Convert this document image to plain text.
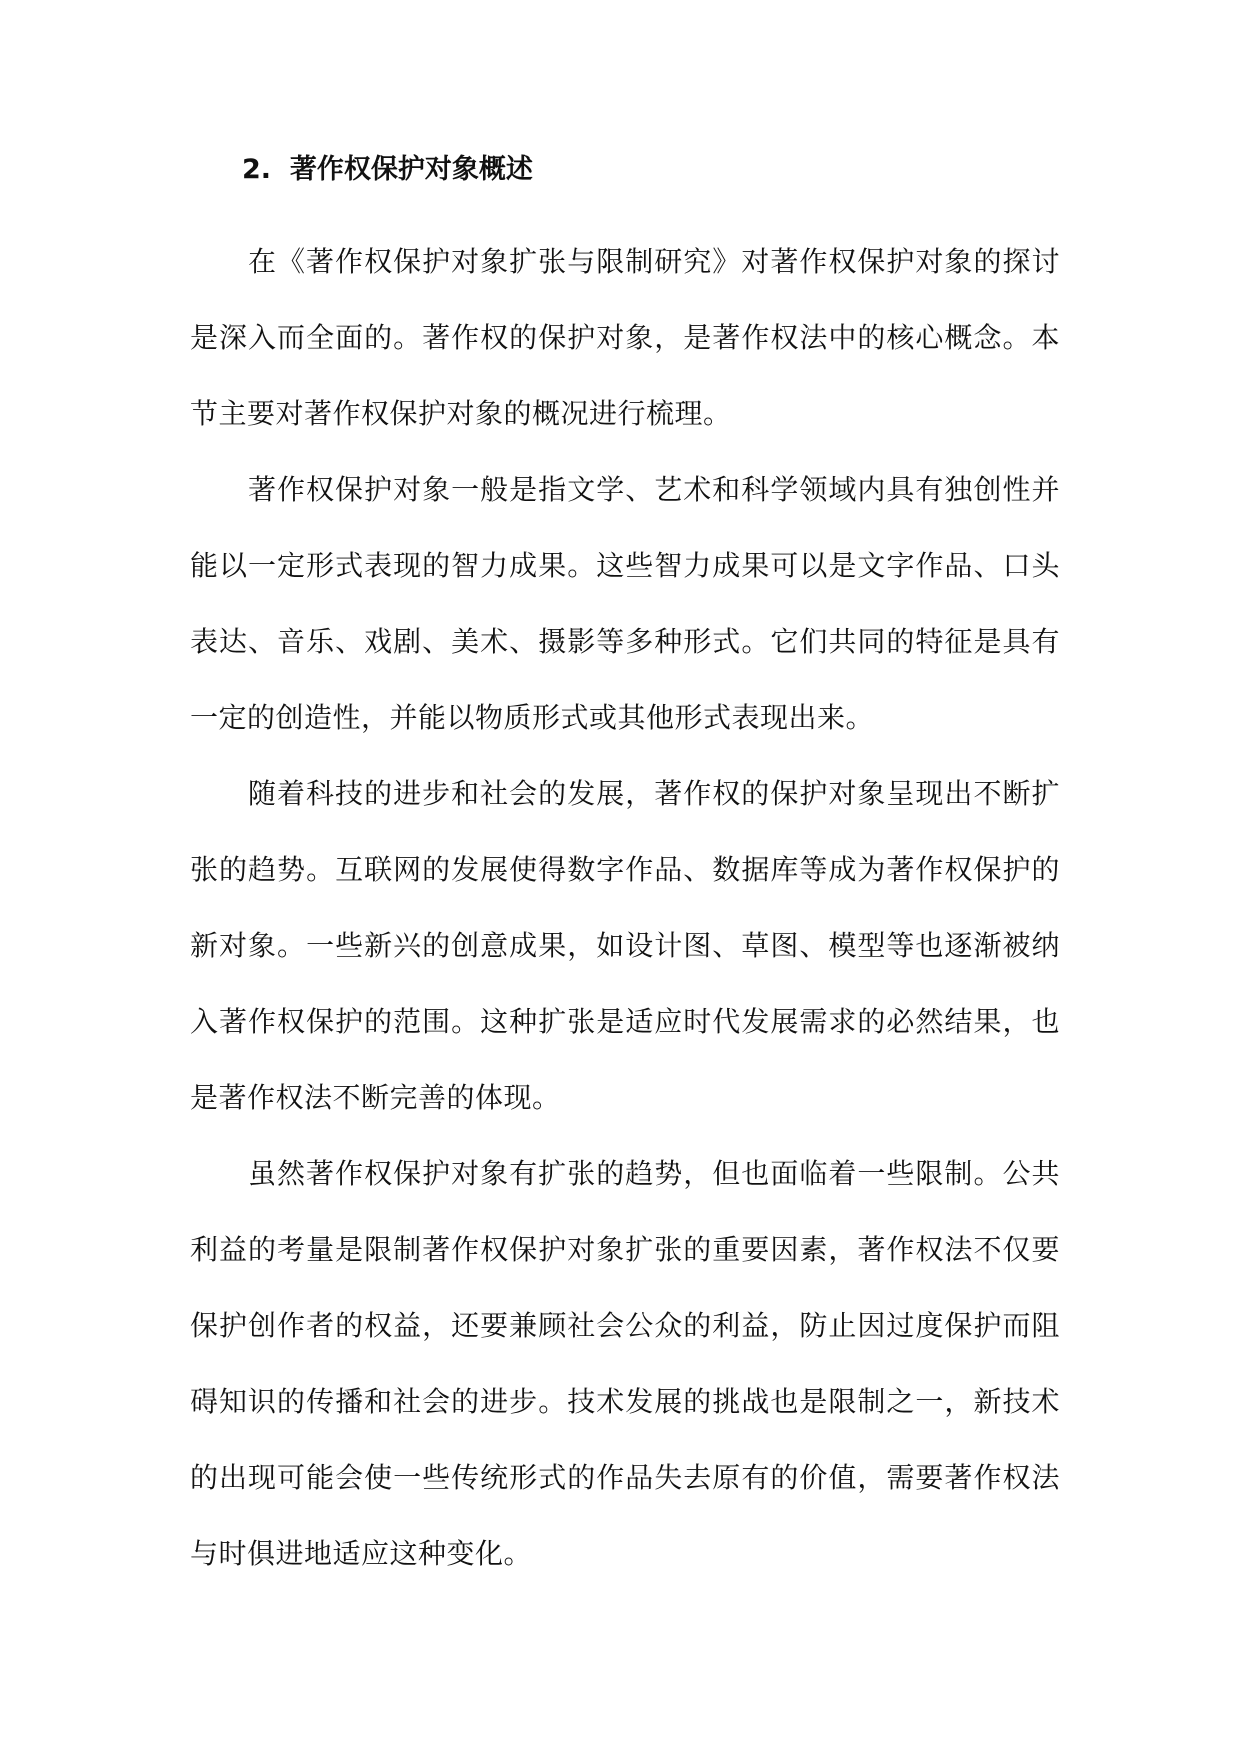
2. 著作权保护对象概述

在《著作权保护对象扩张与限制研究》对著作权保护对象的探讨是深入而全面的。著作权的保护对象，是著作权法中的核心概念。本节主要对著作权保护对象的概况进行梳理。

著作权保护对象一般是指文学、艺术和科学领域内具有独创性并能以一定形式表现的智力成果。这些智力成果可以是文字作品、口头表达、音乐、戏剧、美术、摄影等多种形式。它们共同的特征是具有一定的创造性，并能以物质形式或其他形式表现出来。

随着科技的进步和社会的发展，著作权的保护对象呈现出不断扩张的趋势。互联网的发展使得数字作品、数据库等成为著作权保护的新对象。一些新兴的创意成果，如设计图、草图、模型等也逐渐被纳入著作权保护的范围。这种扩张是适应时代发展需求的必然结果，也是著作权法不断完善的体现。

虽然著作权保护对象有扩张的趋势，但也面临着一些限制。公共利益的考量是限制著作权保护对象扩张的重要因素，著作权法不仅要保护创作者的权益，还要兼顾社会公众的利益，防止因过度保护而阻碍知识的传播和社会的进步。技术发展的挑战也是限制之一，新技术的出现可能会使一些传统形式的作品失去原有的价值，需要著作权法与时俱进地适应这种变化。
